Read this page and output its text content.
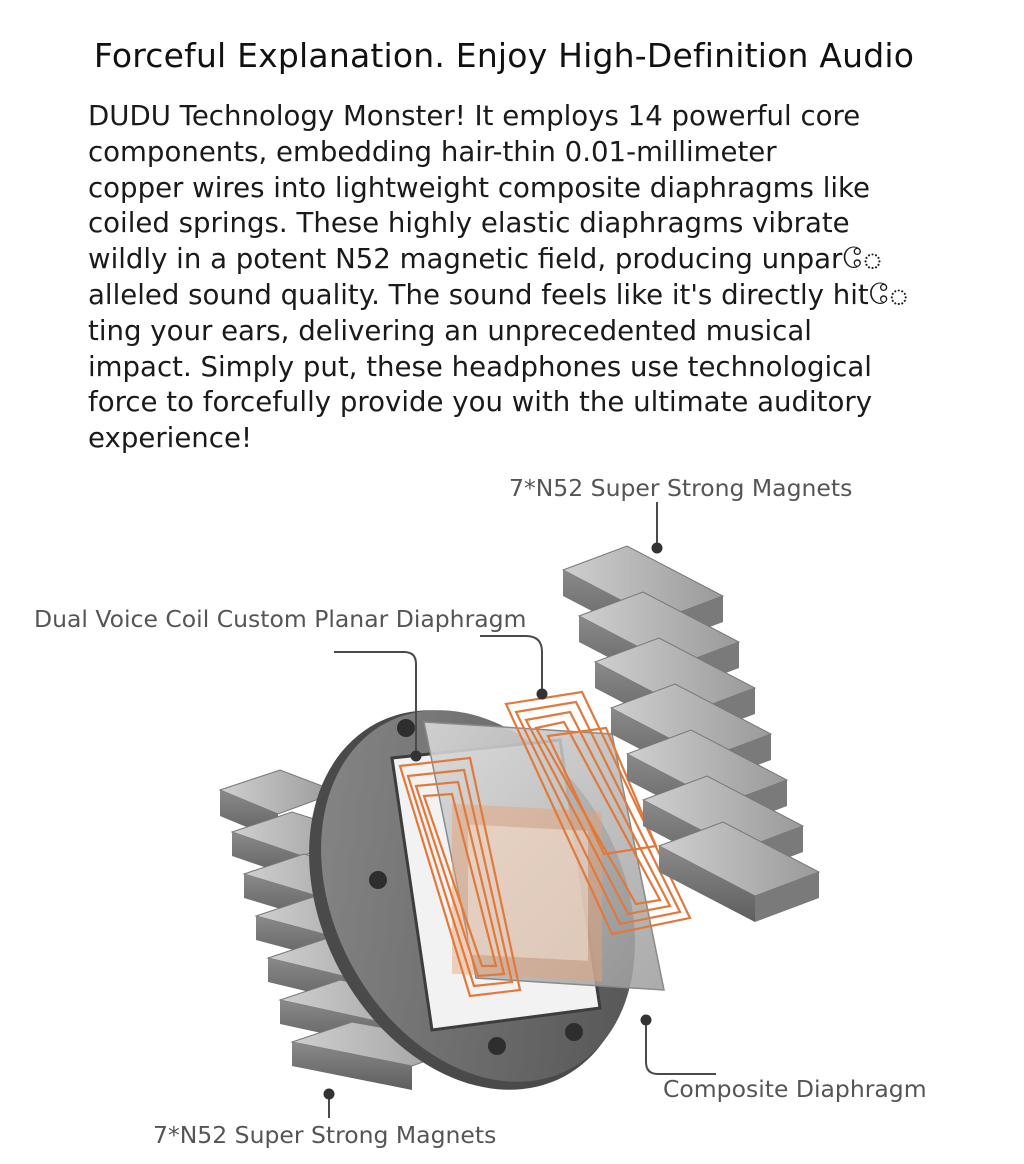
Forceful Explanation. Enjoy High-Definition Audio
DUDU Technology Monster! It employs 14 powerful core
components, embedding hair-thin 0.01-millimeter
copper wires into lightweight composite diaphragms like
coiled springs. These highly elastic diaphragms vibrate
wildly in a potent N52 magnetic field, producing unparே
alleled sound quality. The sound feels like it's directly hitே
ting your ears, delivering an unprecedented musical
impact. Simply put, these headphones use technological
force to forcefully provide you with the ultimate auditory
experience!
7*N52 Super Strong Magnets
Dual Voice Coil Custom Planar Diaphragm
Composite Diaphragm
7*N52 Super Strong Magnets
